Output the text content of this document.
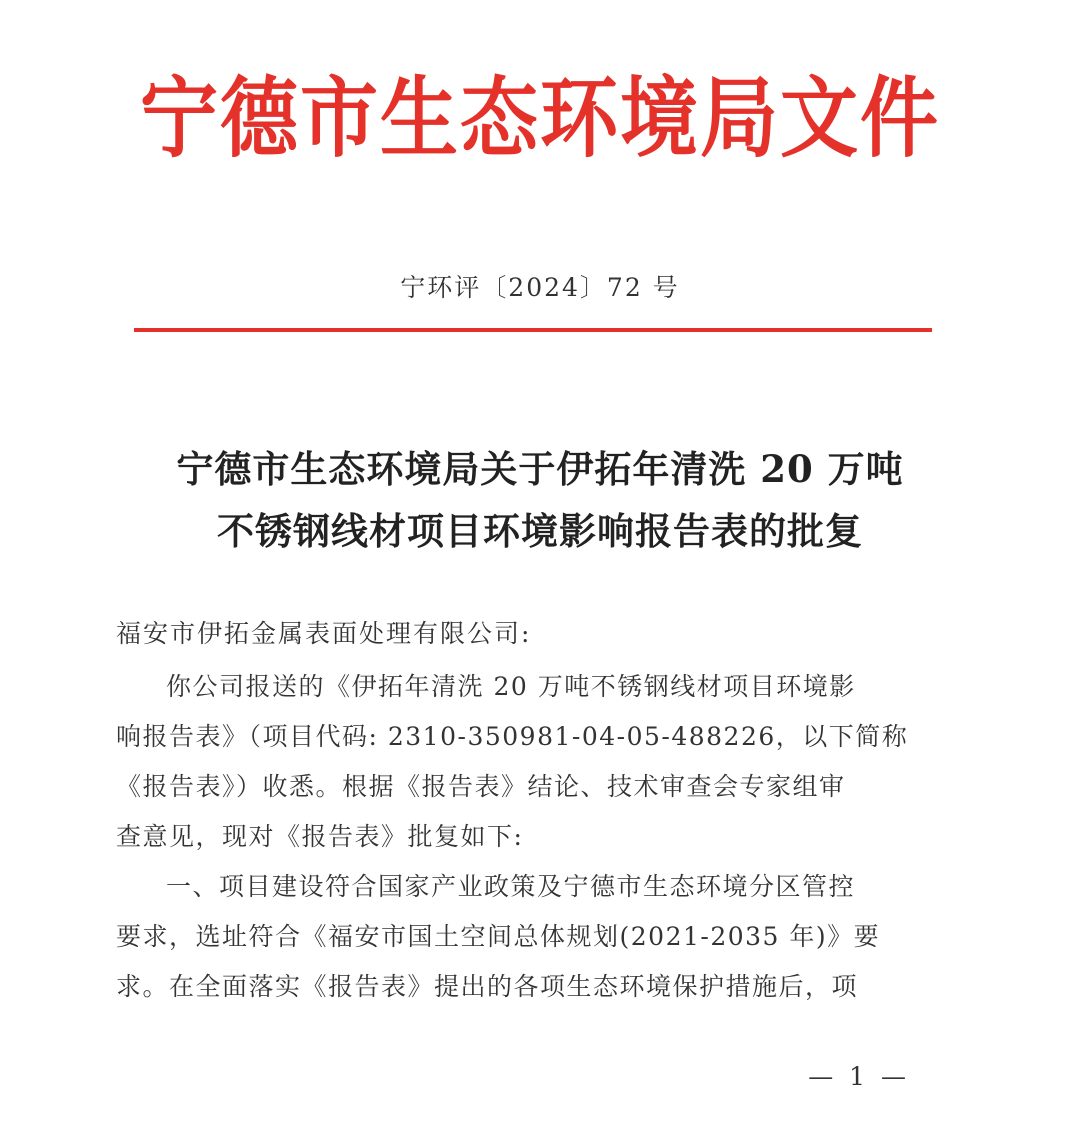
宁德市生态环境局文件
宁环评〔2024〕72 号
宁德市生态环境局关于伊拓年清洗 20 万吨
不锈钢线材项目环境影响报告表的批复
福安市伊拓金属表面处理有限公司:
你公司报送的《伊拓年清洗 20 万吨不锈钢线材项目环境影
响报告表》（项目代码: 2310-350981-04-05-488226，以下简称
《报告表》）收悉。根据《报告表》结论、技术审查会专家组审
查意见，现对《报告表》批复如下:
一、项目建设符合国家产业政策及宁德市生态环境分区管控
要求，选址符合《福安市国土空间总体规划(2021-2035 年)》要
求。在全面落实《报告表》提出的各项生态环境保护措施后，项
— 1 —
